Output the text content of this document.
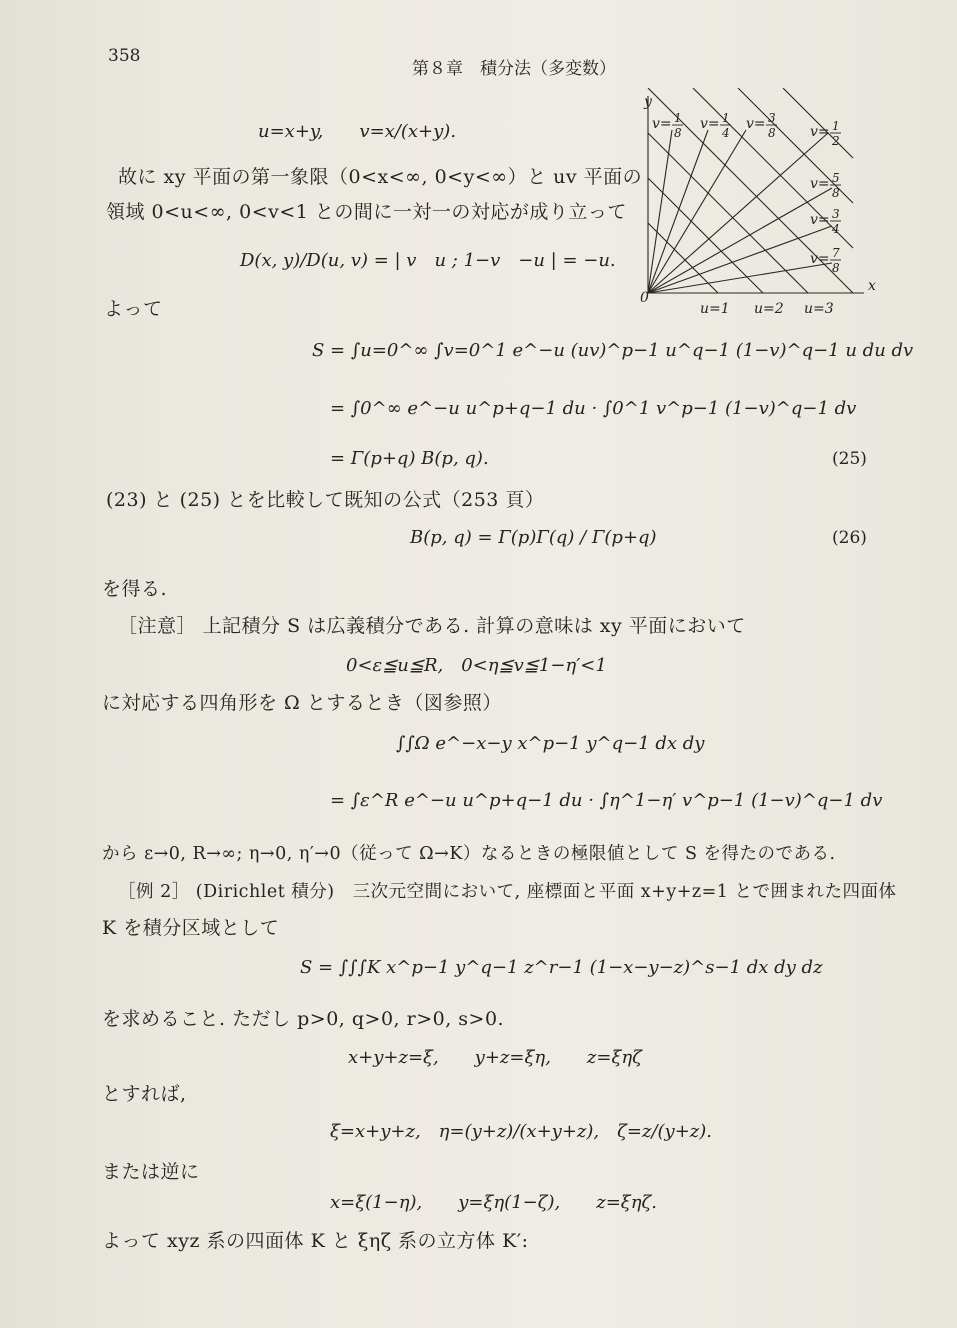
358
第８章　積分法（多変数）
u=x+y,　　v=x/(x+y).
故に xy 平面の第一象限（0<x<∞, 0<y<∞）と uv 平面の
領域 0<u<∞, 0<v<1 との間に一対一の対応が成り立って
D(x, y)/D(u, v) = | v　u ; 1−v　−u | = −u.
よって
S = ∫u=0^∞ ∫v=0^1 e^−u (uv)^p−1 u^q−1 (1−v)^q−1 u du dv
= ∫0^∞ e^−u u^p+q−1 du · ∫0^1 v^p−1 (1−v)^q−1 dv
= Γ(p+q) B(p, q).	(25)
(23) と (25) とを比較して既知の公式（253 頁）
B(p, q) = Γ(p)Γ(q) / Γ(p+q)	(26)
を得る.
［注意］ 上記積分 S は広義積分である. 計算の意味は xy 平面において
0<ε≦u≦R,　0<η≦v≦1−η′<1
に対応する四角形を Ω とするとき（図参照）
∫∫Ω e^−x−y x^p−1 y^q−1 dx dy
= ∫ε^R e^−u u^p+q−1 du · ∫η^1−η′ v^p−1 (1−v)^q−1 dv
から ε→0, R→∞; η→0, η′→0（従って Ω→K）なるときの極限値として S を得たのである.
［例 2］ (Dirichlet 積分)　三次元空間において, 座標面と平面 x+y+z=1 とで囲まれた四面体
K を積分区域として
S = ∫∫∫K x^p−1 y^q−1 z^r−1 (1−x−y−z)^s−1 dx dy dz
を求めること. ただし p>0, q>0, r>0, s>0.
x+y+z=ξ,　　y+z=ξη,　　z=ξηζ
とすれば,
ξ=x+y+z,　η=(y+z)/(x+y+z),　ζ=z/(y+z).
または逆に
x=ξ(1−η),　　y=ξη(1−ζ),　　z=ξηζ.
よって xyz 系の四面体 K と ξηζ 系の立方体 K′:
y
x
0
v= 1
8
v= 1
4
v= 3
8 v= 1
2
v= 5
8
v= 3
4
v= 7
8
u=1 u=2 u=3
